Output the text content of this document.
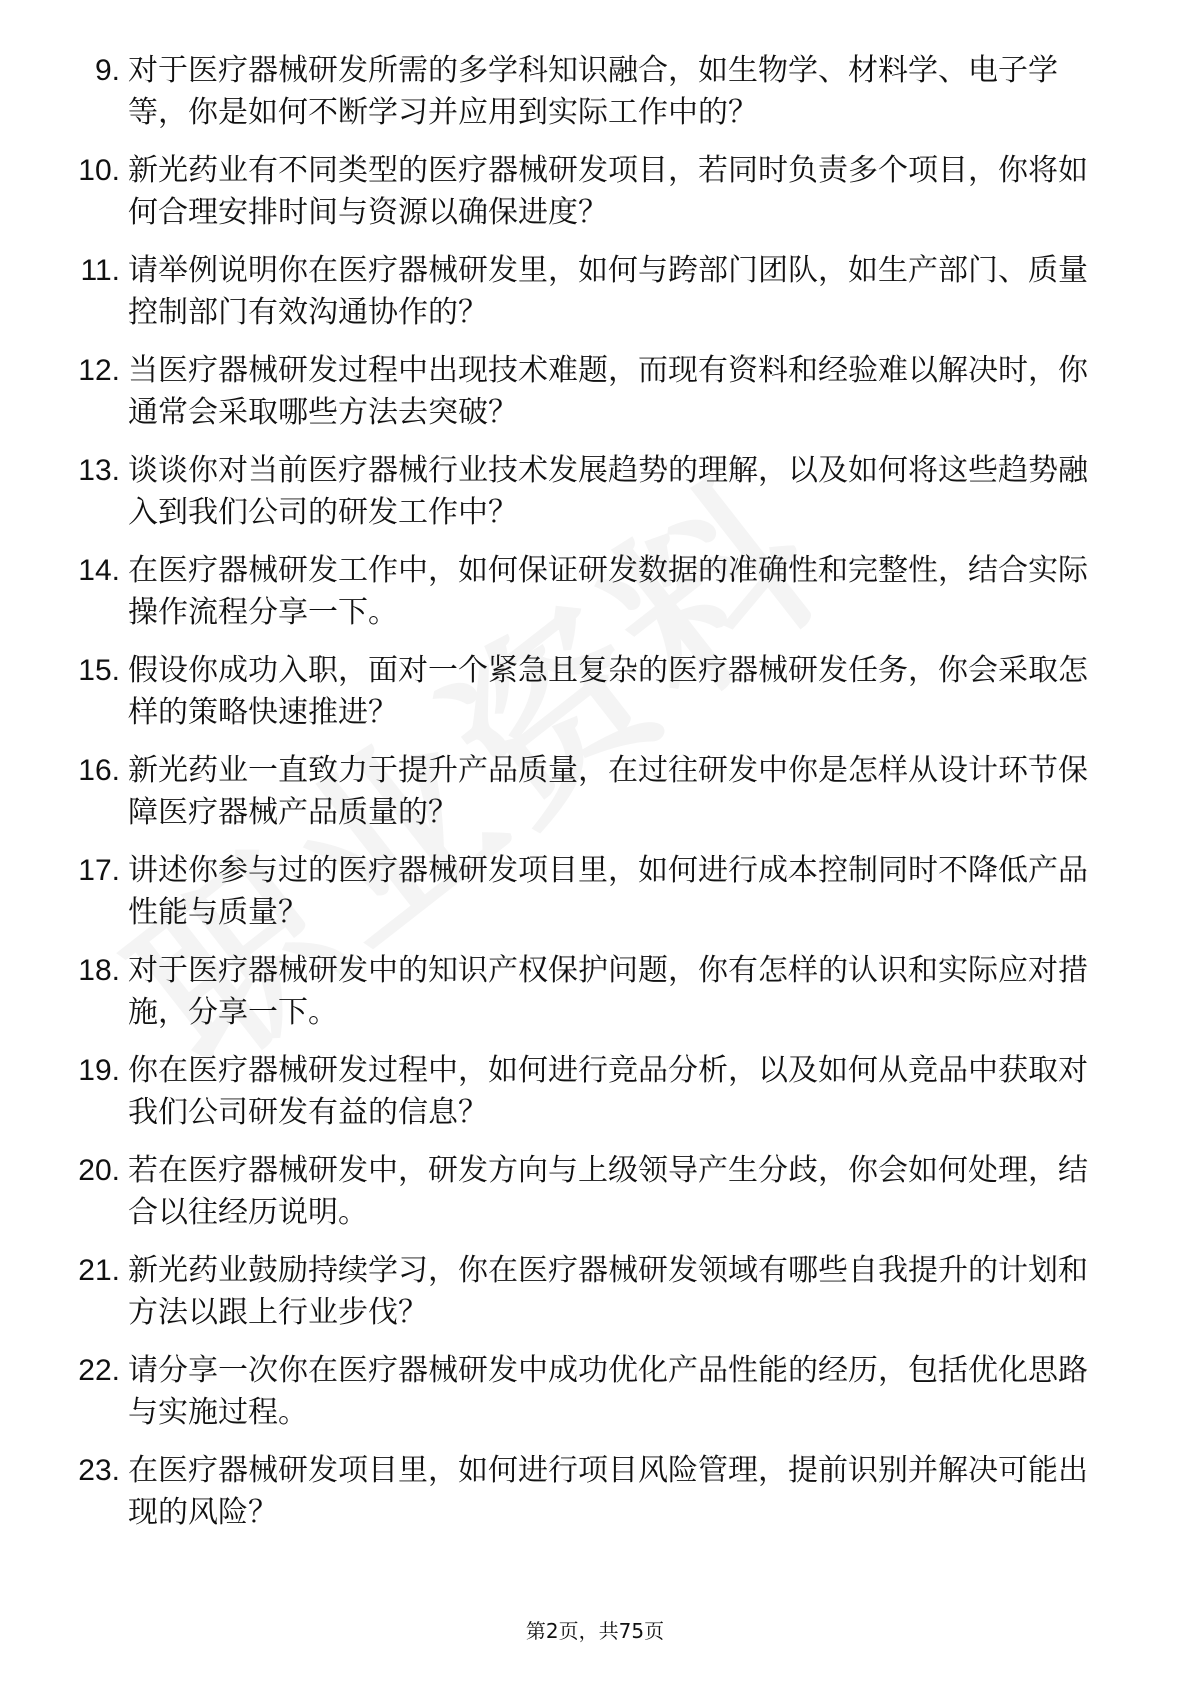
9. 对于医疗器械研发所需的多学科知识融合，如生物学、材料学、电子学等，你是如何不断学习并应用到实际工作中的？
10. 新光药业有不同类型的医疗器械研发项目，若同时负责多个项目，你将如何合理安排时间与资源以确保进度？
11. 请举例说明你在医疗器械研发里，如何与跨部门团队，如生产部门、质量控制部门有效沟通协作的？
12. 当医疗器械研发过程中出现技术难题，而现有资料和经验难以解决时，你通常会采取哪些方法去突破？
13. 谈谈你对当前医疗器械行业技术发展趋势的理解，以及如何将这些趋势融入到我们公司的研发工作中？
14. 在医疗器械研发工作中，如何保证研发数据的准确性和完整性，结合实际操作流程分享一下。
15. 假设你成功入职，面对一个紧急且复杂的医疗器械研发任务，你会采取怎样的策略快速推进？
16. 新光药业一直致力于提升产品质量，在过往研发中你是怎样从设计环节保障医疗器械产品质量的？
17. 讲述你参与过的医疗器械研发项目里，如何进行成本控制同时不降低产品性能与质量？
18. 对于医疗器械研发中的知识产权保护问题，你有怎样的认识和实际应对措施，分享一下。
19. 你在医疗器械研发过程中，如何进行竞品分析，以及如何从竞品中获取对我们公司研发有益的信息？
20. 若在医疗器械研发中，研发方向与上级领导产生分歧，你会如何处理，结合以往经历说明。
21. 新光药业鼓励持续学习，你在医疗器械研发领域有哪些自我提升的计划和方法以跟上行业步伐？
22. 请分享一次你在医疗器械研发中成功优化产品性能的经历，包括优化思路与实施过程。
23. 在医疗器械研发项目里，如何进行项目风险管理，提前识别并解决可能出现的风险？
第2页，共75页
